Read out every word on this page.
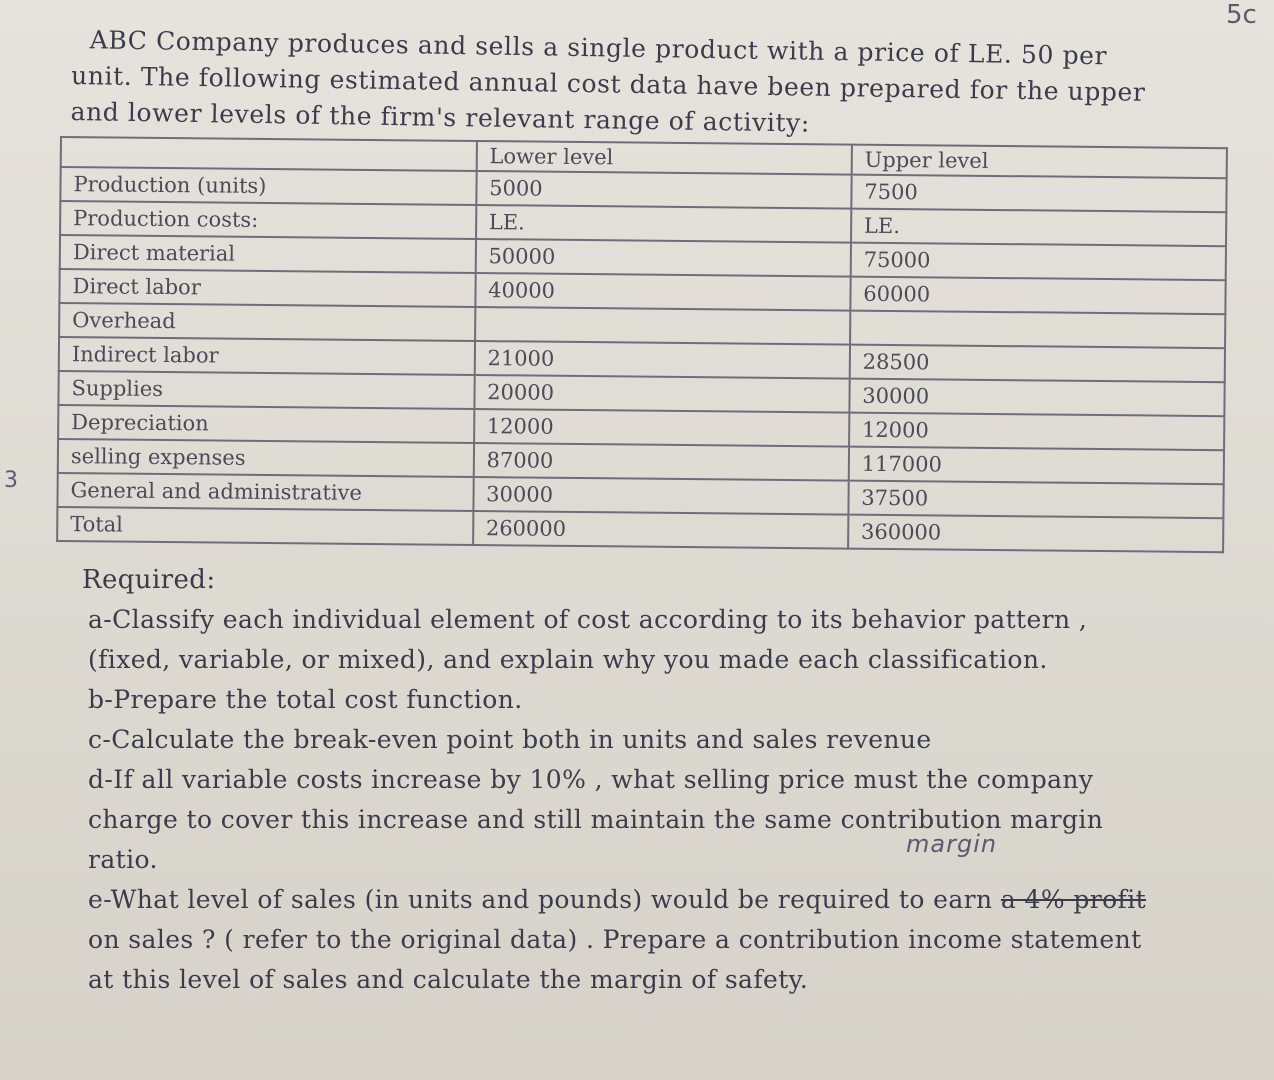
5c
ABC Company produces and sells a single product with a price of LE. 50 per
unit. The following estimated annual cost data have been prepared for the upper
and lower levels of the firm's relevant range of activity:
	Lower level	Upper level
Production (units)	5000	7500
Production costs:	LE.	LE.
Direct material	50000	75000
Direct labor	40000	60000
Overhead		
Indirect labor	21000	28500
Supplies	20000	30000
Depreciation	12000	12000
selling expenses	87000	117000
General and administrative	30000	37500
Total	260000	360000
Required:
a-Classify each individual element of cost according to its behavior pattern ,
(fixed, variable, or mixed), and explain why you made each classification.
b-Prepare the total cost function.
c-Calculate the break-even point both in units and sales revenue
d-If all variable costs increase by 10% , what selling price must the company
charge to cover this increase and still maintain the same contribution margin
ratio.
e-What level of sales (in units and pounds) would be required to earn a 4% profit
on sales ? ( refer to the original data) . Prepare a contribution income statement
at this level of sales and calculate the margin of safety.
margin
3
